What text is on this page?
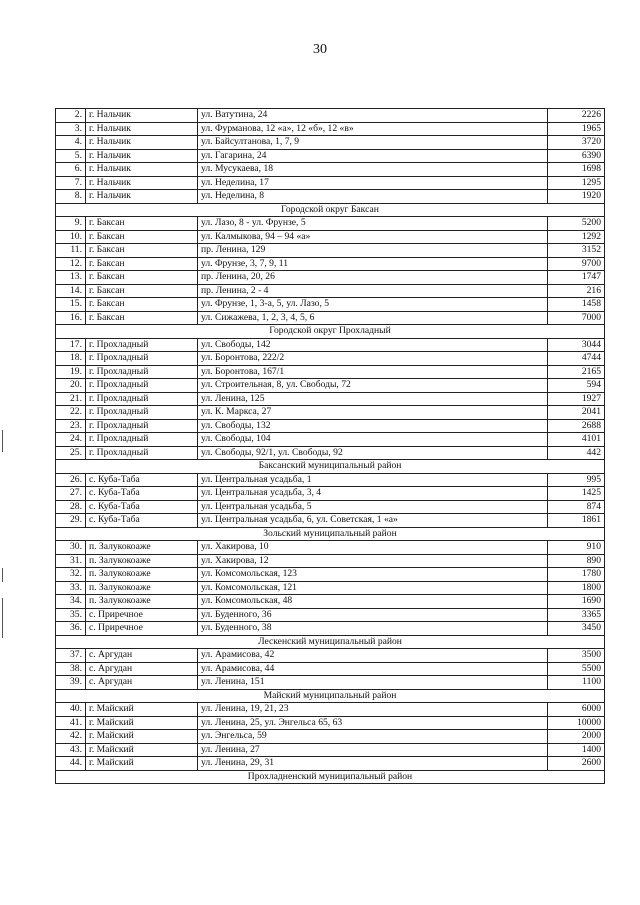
30
2.	г. Нальчик	ул. Ватутина, 24	2226
3.	г. Нальчик	ул. Фурманова, 12 «а», 12 «б», 12 «в»	1965
4.	г. Нальчик	ул. Байсултанова, 1, 7, 9	3720
5.	г. Нальчик	ул. Гагарина, 24	6390
6.	г. Нальчик	ул. Мусукаева, 18	1698
7.	г. Нальчик	ул. Неделина, 17	1295
8.	г. Нальчик	ул. Неделина, 8	1920
Городской округ Баксан			
9.	г. Баксан	ул. Лазо, 8 - ул. Фрунзе, 5	5200
10.	г. Баксан	ул. Калмыкова, 94 – 94 «а»	1292
11.	г. Баксан	пр. Ленина, 129	3152
12.	г. Баксан	ул. Фрунзе, 3, 7, 9, 11	9700
13.	г. Баксан	пр. Ленина, 20, 26	1747
14.	г. Баксан	пр. Ленина, 2 - 4	216
15.	г. Баксан	ул. Фрунзе, 1, 3-а, 5, ул. Лазо, 5	1458
16.	г. Баксан	ул. Сижажева, 1, 2, 3, 4, 5, 6	7000
Городской округ Прохладный			
17.	г. Прохладный	ул. Свободы, 142	3044
18.	г. Прохладный	ул. Боронтова, 222/2	4744
19.	г. Прохладный	ул. Боронтова, 167/1	2165
20.	г. Прохладный	ул. Строительная, 8, ул. Свободы, 72	594
21.	г. Прохладный	ул. Ленина, 125	1927
22.	г. Прохладный	ул. К. Маркса, 27	2041
23.	г. Прохладный	ул. Свободы, 132	2688
24.	г. Прохладный	ул. Свободы, 104	4101
25.	г. Прохладный	ул. Свободы, 92/1, ул. Свободы, 92	442
Баксанский муниципальный район			
26.	с. Куба-Таба	ул. Центральная усадьба, 1	995
27.	с. Куба-Таба	ул. Центральная усадьба, 3, 4	1425
28.	с. Куба-Таба	ул. Центральная усадьба, 5	874
29.	с. Куба-Таба	ул. Центральная усадьба, 6, ул. Советская, 1 «а»	1861
Зольский муниципальный район			
30.	п. Залукокоаже	ул. Хакирова, 10	910
31.	п. Залукокоаже	ул. Хакирова, 12	890
32.	п. Залукокоаже	ул. Комсомольская, 123	1780
33.	п. Залукокоаже	ул. Комсомольская, 121	1800
34.	п. Залукокоаже	ул. Комсомольская, 48	1690
35.	с. Приречное	ул. Буденного, 36	3365
36.	с. Приречное	ул. Буденного, 38	3450
Лескенский муниципальный район			
37.	с. Аргудан	ул. Арамисова, 42	3500
38.	с. Аргудан	ул. Арамисова, 44	5500
39.	с. Аргудан	ул. Ленина, 151	1100
Майский муниципальный район			
40.	г. Майский	ул. Ленина, 19, 21, 23	6000
41.	г. Майский	ул. Ленина, 25, ул. Энгельса 65, 63	10000
42.	г. Майский	ул. Энгельса, 59	2000
43.	г. Майский	ул. Ленина, 27	1400
44.	г. Майский	ул. Ленина, 29, 31	2600
Прохладненский муниципальный район			
